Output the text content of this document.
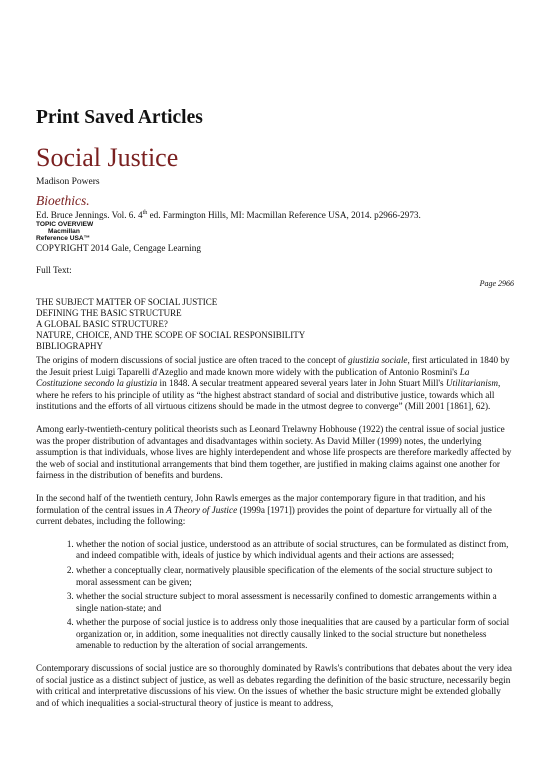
Print Saved Articles
Social Justice
Madison Powers
Bioethics.
Ed. Bruce Jennings. Vol. 6. 4th ed. Farmington Hills, MI: Macmillan Reference USA, 2014. p2966-2973.
TOPIC OVERVIEW
Macmillan
Reference USA™
COPYRIGHT 2014 Gale, Cengage Learning
Full Text:
Page 2966
THE SUBJECT MATTER OF SOCIAL JUSTICE
DEFINING THE BASIC STRUCTURE
A GLOBAL BASIC STRUCTURE?
NATURE, CHOICE, AND THE SCOPE OF SOCIAL RESPONSIBILITY
BIBLIOGRAPHY

The origins of modern discussions of social justice are often traced to the concept of giustizia sociale, first articulated in 1840 by the Jesuit priest Luigi Taparelli d'Azeglio and made known more widely with the publication of Antonio Rosmini's La Costituzione secondo la giustizia in 1848. A secular treatment appeared several years later in John Stuart Mill's Utilitarianism, where he refers to his principle of utility as “the highest abstract standard of social and distributive justice, towards which all institutions and the efforts of all virtuous citizens should be made in the utmost degree to converge” (Mill 2001 [1861], 62).

Among early-twentieth-century political theorists such as Leonard Trelawny Hobhouse (1922) the central issue of social justice was the proper distribution of advantages and disadvantages within society. As David Miller (1999) notes, the underlying assumption is that individuals, whose lives are highly interdependent and whose life prospects are therefore markedly affected by the web of social and institutional arrangements that bind them together, are justified in making claims against one another for fairness in the distribution of benefits and burdens.

In the second half of the twentieth century, John Rawls emerges as the major contemporary figure in that tradition, and his formulation of the central issues in A Theory of Justice (1999a [1971]) provides the point of departure for virtually all of the current debates, including the following:

1. whether the notion of social justice, understood as an attribute of social structures, can be formulated as distinct from, and indeed compatible with, ideals of justice by which individual agents and their actions are assessed;
2. whether a conceptually clear, normatively plausible specification of the elements of the social structure subject to moral assessment can be given;
3. whether the social structure subject to moral assessment is necessarily confined to domestic arrangements within a single nation-state; and
4. whether the purpose of social justice is to address only those inequalities that are caused by a particular form of social organization or, in addition, some inequalities not directly causally linked to the social structure but nonetheless amenable to reduction by the alteration of social arrangements.

Contemporary discussions of social justice are so thoroughly dominated by Rawls's contributions that debates about the very idea of social justice as a distinct subject of justice, as well as debates regarding the definition of the basic structure, necessarily begin with critical and interpretative discussions of his view. On the issues of whether the basic structure might be extended globally and of which inequalities a social-structural theory of justice is meant to address,
